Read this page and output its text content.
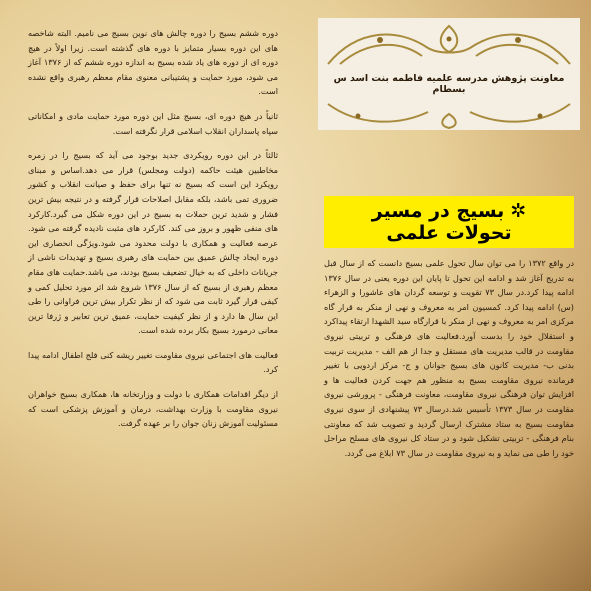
دوره ششم بسیج را دوره چالش های نوین بسیج می نامیم. البته شاخصه های این دوره بسیار متمایز با دوره های گذشته است. زیرا اولاً در هیچ دوره ای از دوره های یاد شده بسیج به اندازه دوره ششم که از ۱۳۷۶ آغاز می شود، مورد حمایت و پشتیبانی معنوی مقام معظم رهبری واقع نشده است.

ثانیاً در هیچ دوره ای، بسیج مثل این دوره مورد حمایت مادی و امکاناتی سپاه پاسداران انقلاب اسلامی قرار نگرفته است.

ثالثاً در این دوره رویکردی جدید بوجود می آید که بسیج را در زمره مخاطبین هیئت حاکمه (دولت ومجلس) قرار می دهد.اساس و مبنای رویکرد این است که بسیج نه تنها برای حفظ و صیانت انقلاب و کشور ضروری تمی باشد، بلکه مقابل اصلاحات قرار گرفته و در نتیجه بیش ترین فشار و شدید ترین حملات به بسیج در این دوره شکل می گیرد.کارکرد های منفی ظهور و بروز می کند. کارکرد های مثبت نادیده گرفته می شود. عرصه فعالیت و همکاری با دولت محدود می شود.ویژگی انحصاری این دوره ایجاد چالش عمیق بین حمایت های رهبری بسیج و تهدیدات ناشی از جریانات داخلی که به خیال تضعیف بسیج بودند، می باشد.حمایت های مقام معظم رهبری از بسیج که از سال ۱۳۷۶ شروع شد اثر مورد تحلیل کمی و کیفی قرار گیرد ثابت می شود که از نظر تکرار بیش ترین فراوانی را طی این سال ها دارد و از نظر کیفیت حمایت، عمیق ترین تعابیر و ژرفا ترین معانی درمورد بسیج بکار برده شده است.

فعالیت های اجتماعی نیروی مقاومت تغییر ریشه کنی فلج اطفال ادامه پیدا کرد.

از دیگر اقدامات همکاری با دولت و وزارتخانه ها، همکاری بسیج خواهران نیروی مقاومت با وزارت بهداشت، درمان و آموزش پزشکی است که مسئولیت آموزش زنان جوان را بر عهده گرفت.

معاونت پژوهش مدرسه علمیه فاطمه بنت اسد س بسطام
✲بسیج در مسیر تحولات علمی

در واقع ۱۳۷۲ را می توان سال تحول علمی بسیج دانست که از سال قبل به تدریج آغاز شد و ادامه این تحول تا پایان این دوره یعنی در سال ۱۳۷۶ ادامه پیدا کرد.در سال ۷۳ تقویت و توسعه گردان های عاشورا و الزهراء (س) ادامه پیدا کرد. کمسیون امر به معروف و نهی از منکر به قرار گاه مرکزی امر به معروف و نهی از منکر با قرارگاه سید الشهدا ارتقاء پیداکرد و استقلال خود را بدست آورد.فعالیت های فرهنگی و تربیتی نیروی مقاومت در قالب مدیریت های مستقل و جدا از هم الف - مدیریت تربیت بدنی ب- مدیریت کانون های بسیج جوانان و ج- مرکز اردویی با تغییر فرمانده نیروی مقاومت بسیج به منظور هم جهت کردن فعالیت ها و افزایش توان فرهنگی نیروی مقاومت، معاونت فرهنگی - پرورشی نیروی مقاومت در سال ۱۳۷۳ تأسیس شد.درسال ۷۳ پیشنهادی از سوی نیروی مقاومت بسیج به ستاد مشترک ارسال گردید و تصویب شد که معاونتی بنام فرهنگی - تربیتی تشکیل شود و در ستاد کل نیروی های مسلح مراحل خود را طی می نماید و به نیروی مقاومت در سال ۷۳ ابلاغ می گردد.
